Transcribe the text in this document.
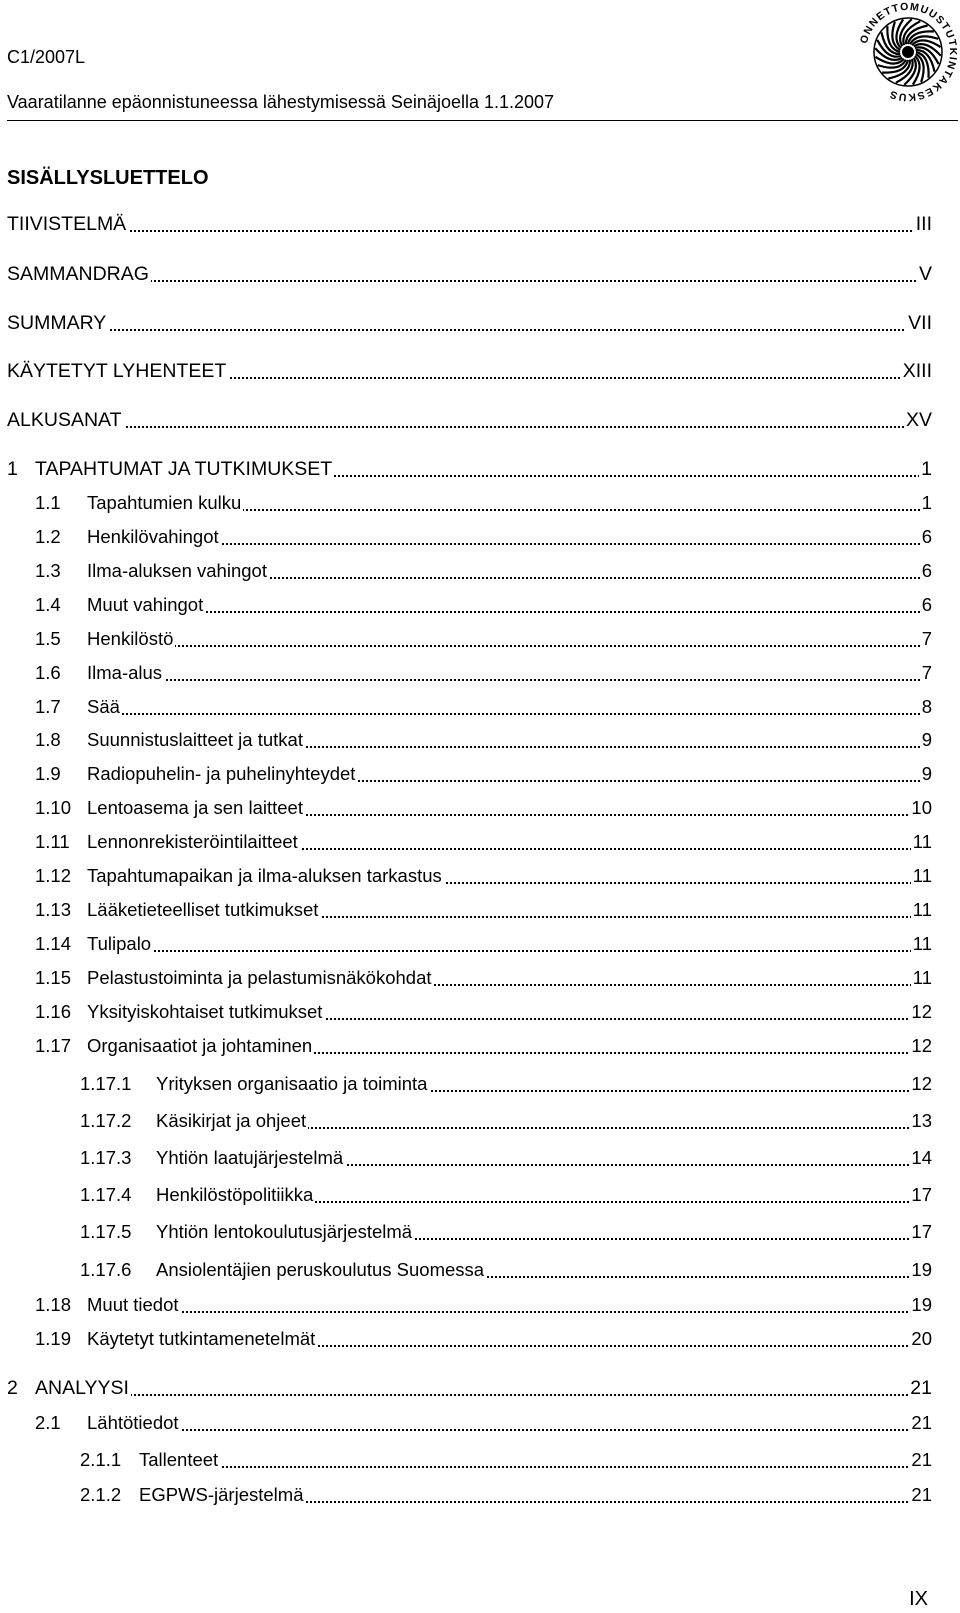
C1/2007L
Vaaratilanne epäonnistuneessa lähestymisessä Seinäjoella 1.1.2007
ONNETTOMUUSTUTKINTAKESKUS
SISÄLLYSLUETTELO
TIIVISTELMÄ	III
SAMMANDRAG	V
SUMMARY	VII
KÄYTETYT LYHENTEET	XIII
ALKUSANAT	XV
1 TAPAHTUMAT JA TUTKIMUKSET	1
1.1 Tapahtumien kulku	1
1.2 Henkilövahingot	6
1.3 Ilma-aluksen vahingot	6
1.4 Muut vahingot	6
1.5 Henkilöstö	7
1.6 Ilma-alus	7
1.7 Sää	8
1.8 Suunnistuslaitteet ja tutkat	9
1.9 Radiopuhelin- ja puhelinyhteydet	9
1.10 Lentoasema ja sen laitteet	10
1.11 Lennonrekisteröintilaitteet	11
1.12 Tapahtumapaikan ja ilma-aluksen tarkastus	11
1.13 Lääketieteelliset tutkimukset	11
1.14 Tulipalo	11
1.15 Pelastustoiminta ja pelastumisnäkökohdat	11
1.16 Yksityiskohtaiset tutkimukset	12
1.17 Organisaatiot ja johtaminen	12
1.17.1 Yrityksen organisaatio ja toiminta	12
1.17.2 Käsikirjat ja ohjeet	13
1.17.3 Yhtiön laatujärjestelmä	14
1.17.4 Henkilöstöpolitiikka	17
1.17.5 Yhtiön lentokoulutusjärjestelmä	17
1.17.6 Ansiolentäjien peruskoulutus Suomessa	19
1.18 Muut tiedot	19
1.19 Käytetyt tutkintamenetelmät	20
2 ANALYYSI	21
2.1 Lähtötiedot	21
2.1.1 Tallenteet	21
2.1.2 EGPWS-järjestelmä	21
IX
